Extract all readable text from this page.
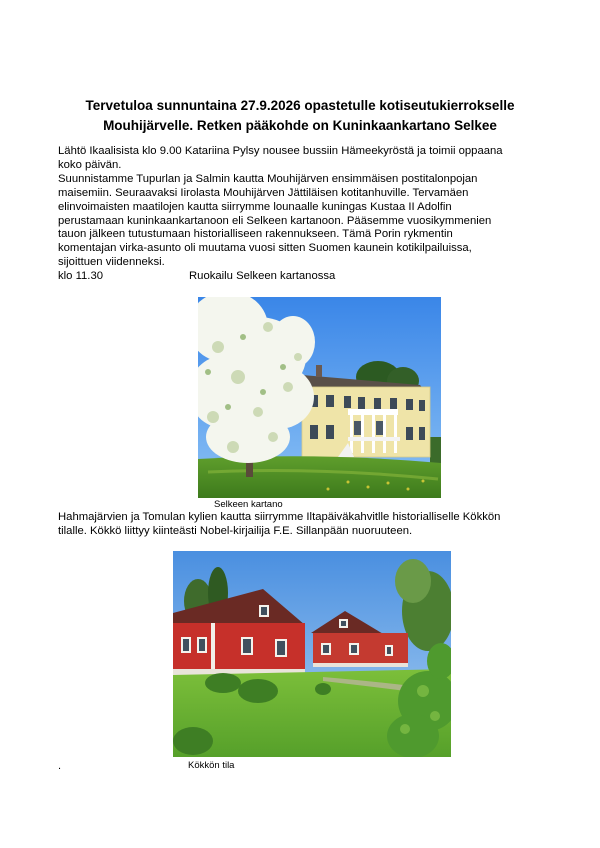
Tervetuloa sunnuntaina 27.9.2026 opastetulle kotiseutukierrokselle
Mouhijärvelle. Retken pääkohde on Kuninkaankartano Selkee
Lähtö Ikaalisista klo 9.00 Katariina Pylsy nousee bussiin Hämeekyröstä ja toimii oppaana
koko päivän.
Suunnistamme Tupurlan ja Salmin kautta Mouhijärven ensimmäisen postitalonpojan
maisemiin. Seuraavaksi Iirolasta Mouhijärven Jättiläisen kotitanhuville. Tervamäen
elinvoimaisten maatilojen kautta siirrymme lounaalle kuningas Kustaa II Adolfin
perustamaan kuninkaankartanoon eli Selkeen kartanoon. Pääsemme vuosikymmenien
tauon jälkeen tutustumaan historialliseen rakennukseen. Tämä Porin rykmentin
komentajan virka-asunto oli muutama vuosi sitten Suomen kaunein kotikilpailuissa,
sijoittuen viidenneksi.
klo 11.30	Ruokailu Selkeen kartanossa
Selkeen kartano
Hahmajärvien ja Tomulan kylien kautta siirrymme Iltapäiväkahvitlle historialliselle Kökkön
tilalle. Kökkö liittyy kiinteästi Nobel-kirjailija F.E. Sillanpään nuoruuteen.
.	Kökkön tila
